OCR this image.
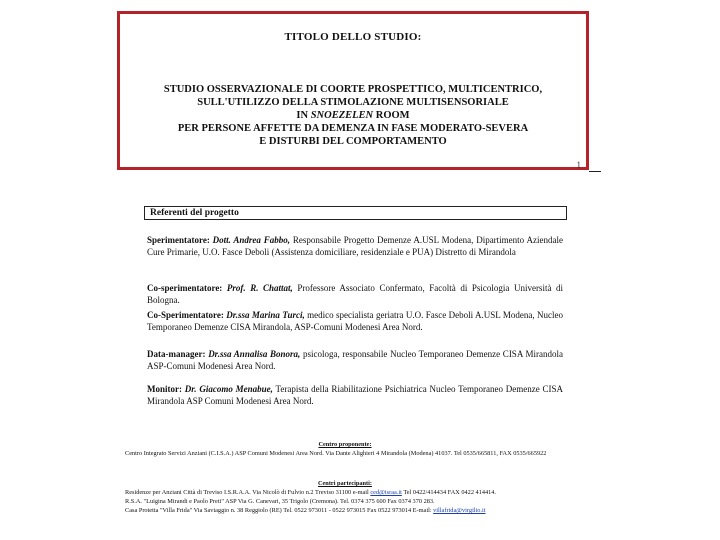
TITOLO DELLO STUDIO:
STUDIO OSSERVAZIONALE DI COORTE PROSPETTICO, MULTICENTRICO,
SULL'UTILIZZO DELLA STIMOLAZIONE MULTISENSORIALE
IN SNOEZELEN ROOM
PER PERSONE AFFETTE DA DEMENZA IN FASE MODERATO-SEVERA
E DISTURBI DEL COMPORTAMENTO
1
Referenti del progetto
Sperimentatore: Dott. Andrea Fabbo, Responsabile Progetto Demenze A.USL Modena, Dipartimento Aziendale Cure Primarie, U.O. Fasce Deboli (Assistenza domiciliare, residenziale e PUA) Distretto di Mirandola
Co-sperimentatore: Prof. R. Chattat, Professore Associato Confermato, Facoltà di Psicologia Università di Bologna.
Co-Sperimentatore: Dr.ssa Marina Turci, medico specialista geriatra U.O. Fasce Deboli A.USL Modena, Nucleo Temporaneo Demenze CISA Mirandola, ASP-Comuni Modenesi Area Nord.
Data-manager: Dr.ssa Annalisa Bonora, psicologa, responsabile Nucleo Temporaneo Demenze CISA Mirandola ASP-Comuni Modenesi Area Nord.
Monitor: Dr. Giacomo Menabue, Terapista della Riabilitazione Psichiatrica Nucleo Temporaneo Demenze CISA Mirandola ASP Comuni Modenesi Area Nord.
Centro proponente:
Centro Integrato Servizi Anziani (C.I.S.A.) ASP Comuni Modenesi Area Nord. Via Dante Alighieri 4 Mirandola (Modena) 41037. Tel 0535/665811, FAX 0535/665922
Centri partecipanti:
Residenze per Anziani Città di Treviso I.S.R.A.A. Via Nicolò di Fulvio n.2 Treviso 31100 e-mail ced@israa.it Tel 0422/414434 FAX 0422 414414.
R.S.A. "Luigina Mirandi e Paolo Preti" ASP Via G. Canevari, 35 Trigolo (Cremona). Tel. 0374 375 600 Fax 0374 370 283.
Casa Protetta "Villa Frida" Via Saviaggio n. 38 Reggiolo (RE) Tel. 0522 973011 - 0522 973015 Fax 0522 973014 E-mail: villafrida@virgilio.it
